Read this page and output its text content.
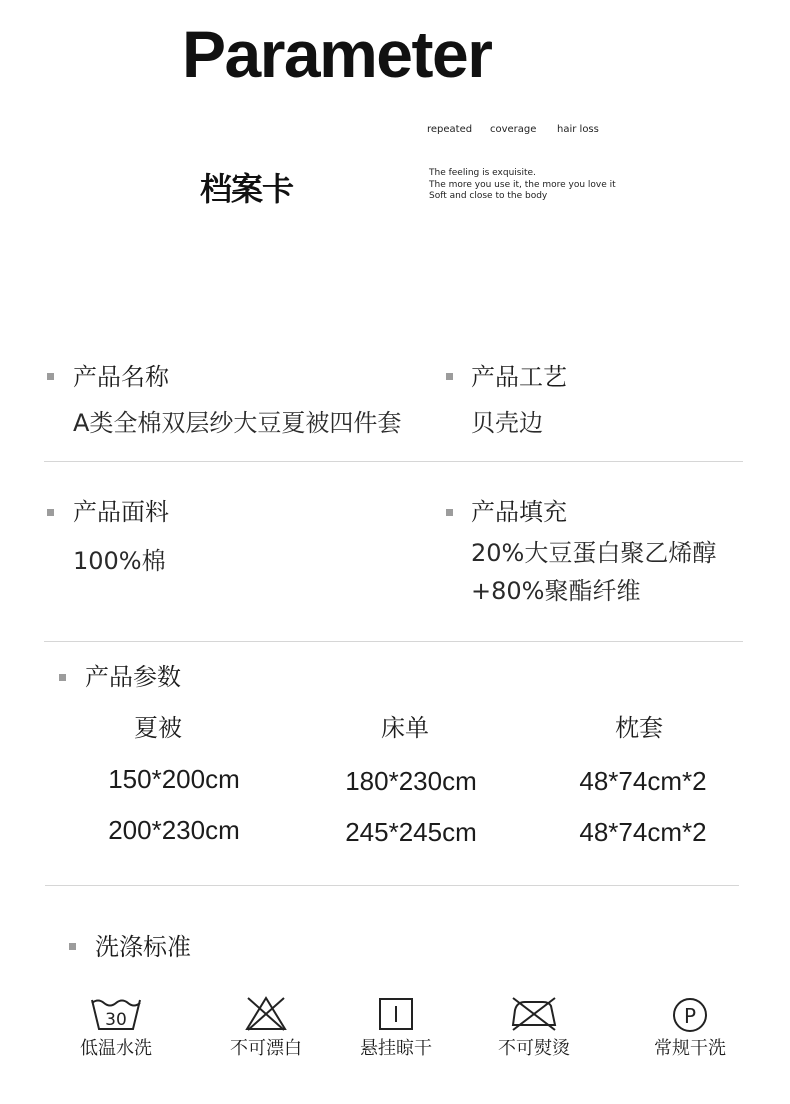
Parameter
repeated coverage hair loss
档案卡	The feeling is exquisite.
The more you use it, the more you love it
Soft and close to the body
产品名称
A类全棉双层纱大豆夏被四件套
产品工艺
贝壳边
产品面料
100%棉
产品填充
20%大豆蛋白聚乙烯醇
+80%聚酯纤维
产品参数
夏被	床单	枕套
150*200cm	180*230cm	48*74cm*2
200*230cm	245*245cm	48*74cm*2
洗涤标准
30
低温水洗	不可漂白	悬挂晾干	不可熨烫
P
常规干洗
